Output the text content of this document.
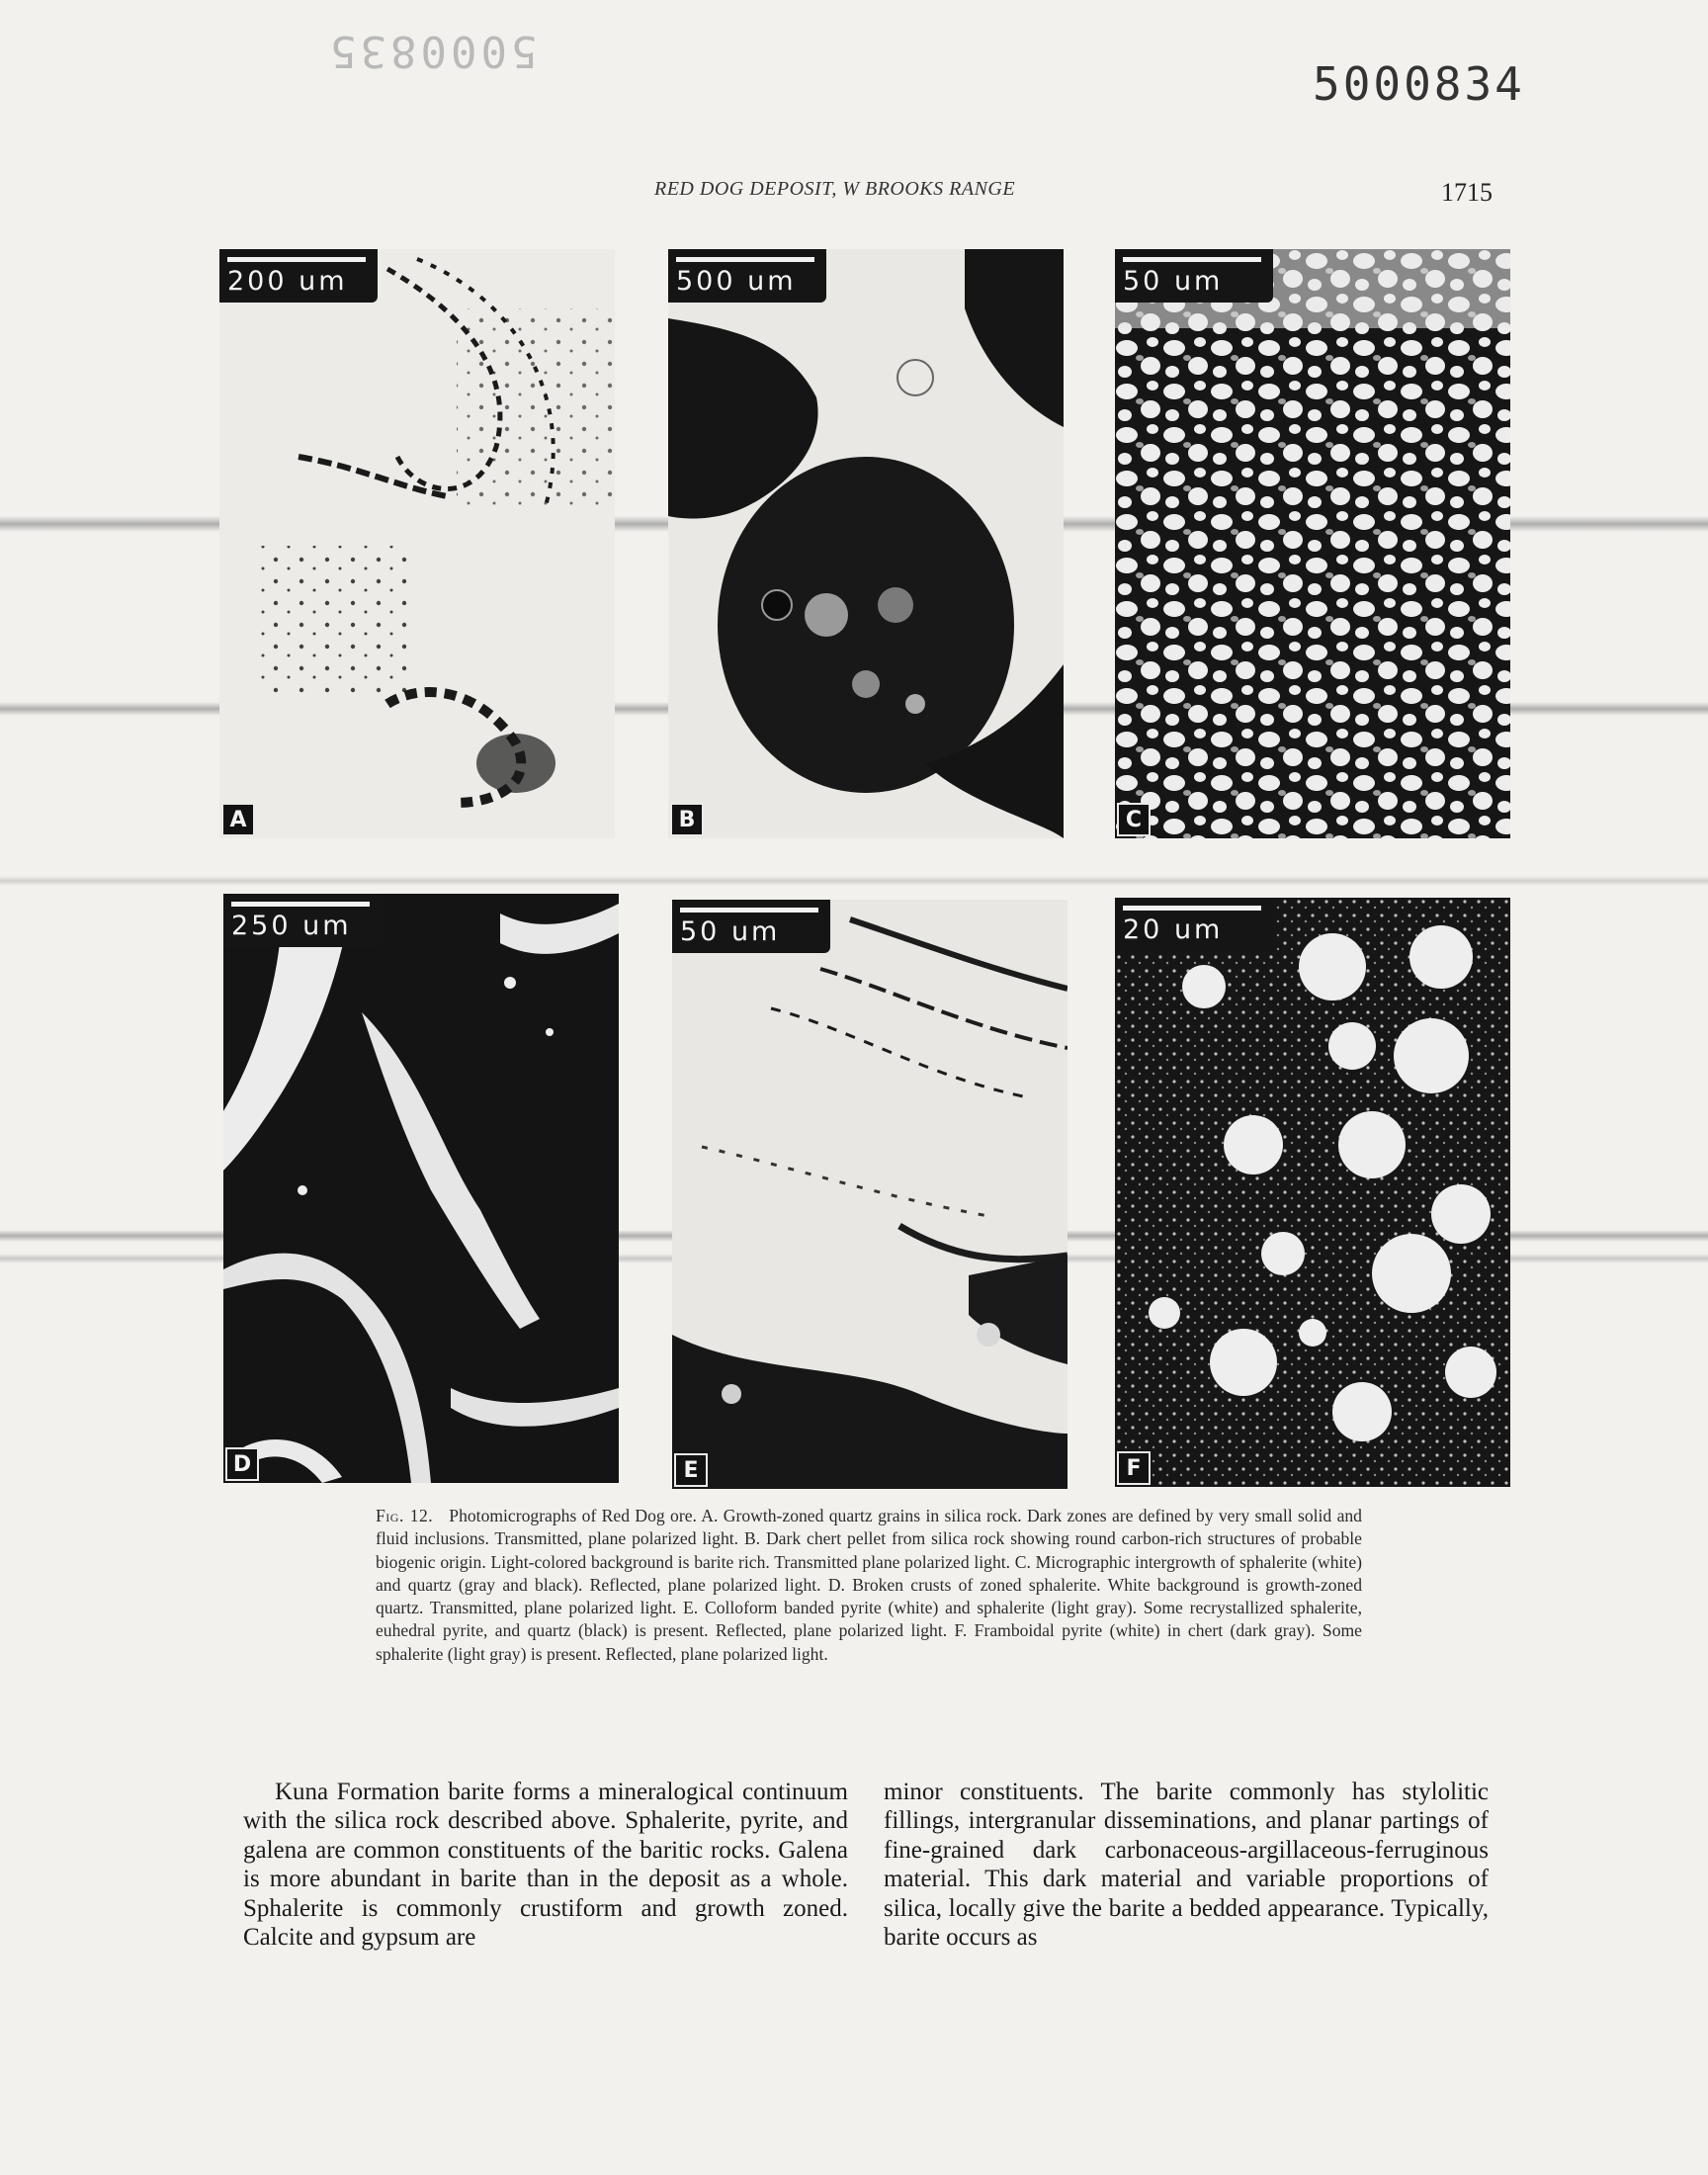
5000835
5000834
RED DOG DEPOSIT, W BROOKS RANGE	1715
200 um
A
500 um
B
50 um
C
250 um
D
50 um
E
20 um
F
Fig. 12. Photomicrographs of Red Dog ore. A. Growth-zoned quartz grains in silica rock. Dark zones are defined by very small solid and fluid inclusions. Transmitted, plane polarized light. B. Dark chert pellet from silica rock showing round carbon-rich structures of probable biogenic origin. Light-colored background is barite rich. Transmitted plane polarized light. C. Micrographic intergrowth of sphalerite (white) and quartz (gray and black). Reflected, plane polarized light. D. Broken crusts of zoned sphalerite. White background is growth-zoned quartz. Transmitted, plane polarized light. E. Colloform banded pyrite (white) and sphalerite (light gray). Some recrystallized sphalerite, euhedral pyrite, and quartz (black) is present. Reflected, plane polarized light. F. Framboidal pyrite (white) in chert (dark gray). Some sphalerite (light gray) is present. Reflected, plane polarized light.
Kuna Formation barite forms a mineralogical continuum with the silica rock described above. Sphalerite, pyrite, and galena are common constituents of the baritic rocks. Galena is more abundant in barite than in the deposit as a whole. Sphalerite is commonly crustiform and growth zoned. Calcite and gypsum are
minor constituents. The barite commonly has stylolitic fillings, intergranular disseminations, and planar partings of fine-grained dark carbonaceous-argillaceous-ferruginous material. This dark material and variable proportions of silica, locally give the barite a bedded appearance. Typically, barite occurs as
